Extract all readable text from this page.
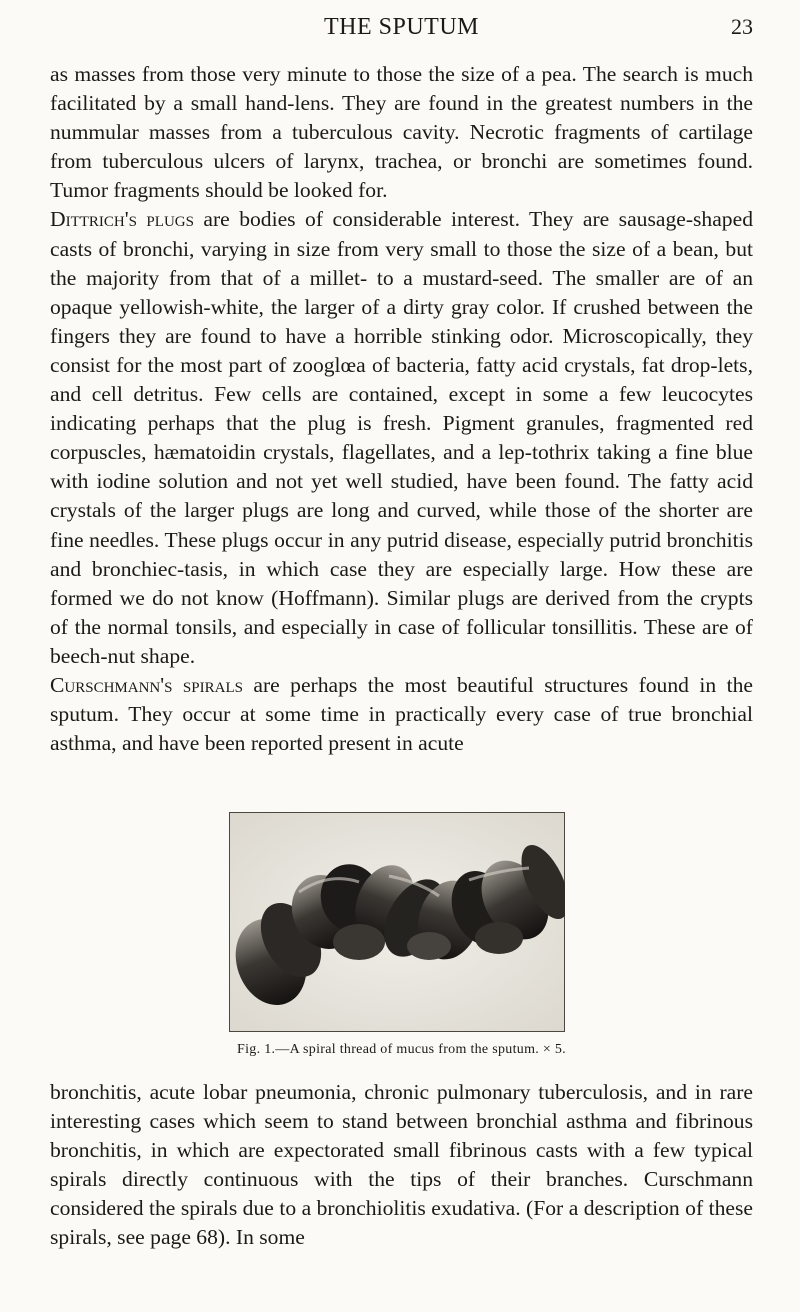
THE SPUTUM	23

as masses from those very minute to those the size of a pea. The search is much facilitated by a small hand-lens. They are found in the greatest numbers in the nummular masses from a tuberculous cavity. Necrotic fragments of cartilage from tuberculous ulcers of larynx, trachea, or bronchi are sometimes found. Tumor fragments should be looked for.

Dittrich's plugs are bodies of considerable interest. They are sausage-shaped casts of bronchi, varying in size from very small to those the size of a bean, but the majority from that of a millet- to a mustard-seed. The smaller are of an opaque yellowish-white, the larger of a dirty gray color. If crushed between the fingers they are found to have a horrible stinking odor. Microscopically, they consist for the most part of zooglœa of bacteria, fatty acid crystals, fat drop-lets, and cell detritus. Few cells are contained, except in some a few leucocytes indicating perhaps that the plug is fresh. Pigment granules, fragmented red corpuscles, hæmatoidin crystals, flagellates, and a lep-tothrix taking a fine blue with iodine solution and not yet well studied, have been found. The fatty acid crystals of the larger plugs are long and curved, while those of the shorter are fine needles. These plugs occur in any putrid disease, especially putrid bronchitis and bronchiec-tasis, in which case they are especially large. How these are formed we do not know (Hoffmann). Similar plugs are derived from the crypts of the normal tonsils, and especially in case of follicular tonsillitis. These are of beech-nut shape.

Curschmann's spirals are perhaps the most beautiful structures found in the sputum. They occur at some time in practically every case of true bronchial asthma, and have been reported present in acute

Fig. 1.—A spiral thread of mucus from the sputum. × 5.

bronchitis, acute lobar pneumonia, chronic pulmonary tuberculosis, and in rare interesting cases which seem to stand between bronchial asthma and fibrinous bronchitis, in which are expectorated small fibrinous casts with a few typical spirals directly continuous with the tips of their branches. Curschmann considered the spirals due to a bronchiolitis exudativa. (For a description of these spirals, see page 68). In some
